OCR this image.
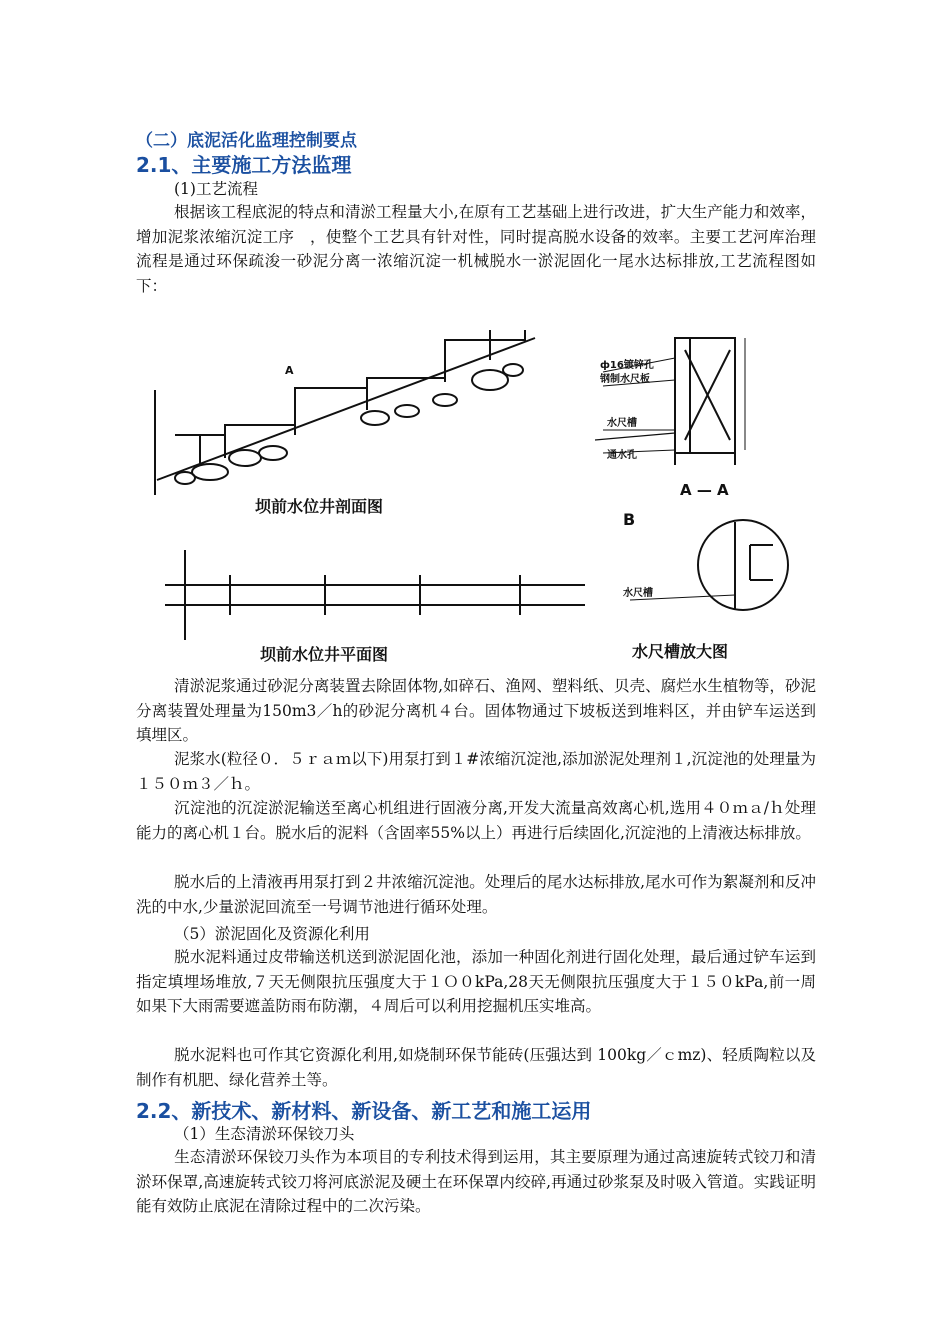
（二）底泥活化监理控制要点
2.1、主要施工方法监理
(1)工艺流程
根据该工程底泥的特点和清淤工程量大小,在原有工艺基础上进行改进，扩大生产能力和效率，增加泥浆浓缩沉淀工序　，使整个工艺具有针对性，同时提高脱水设备的效率。主要工艺河库治理流程是通过环保疏浚一砂泥分离一浓缩沉淀一机械脱水一淤泥固化一尾水达标排放,工艺流程图如下：
A	ф16镀锌孔
钢制水尺板
水尺槽
通水孔
B
水尺槽
坝前水位井剖面图
A — A
坝前水位井平面图	水尺槽放大图
清淤泥浆通过砂泥分离装置去除固体物,如碎石、渔网、塑料纸、贝壳、腐烂水生植物等，砂泥分离装置处理量为150m3／h的砂泥分离机４台。固体物通过下坡板送到堆料区，并由铲车运送到填埋区。
泥浆水(粒径０．５ｒａｍ以下)用泵打到１#浓缩沉淀池,添加淤泥处理剂１,沉淀池的处理量为１５０ｍ３／ｈ。
沉淀池的沉淀淤泥输送至离心机组进行固液分离,开发大流量高效离心机,选用４０ｍａ/ｈ处理能力的离心机１台。脱水后的泥料（含固率55%以上）再进行后续固化,沉淀池的上清液达标排放。
脱水后的上清液再用泵打到２井浓缩沉淀池。处理后的尾水达标排放,尾水可作为絮凝剂和反冲洗的中水,少量淤泥回流至一号调节池进行循环处理。
（5）淤泥固化及资源化利用
脱水泥料通过皮带输送机送到淤泥固化池，添加一种固化剂进行固化处理，最后通过铲车运到指定填埋场堆放,７天无侧限抗压强度大于１Ｏ０kPa,28天无侧限抗压强度大于１５０kPa,前一周如果下大雨需要遮盖防雨布防潮，４周后可以利用挖掘机压实堆高。
脱水泥料也可作其它资源化利用,如烧制环保节能砖(压强达到 100kg／ｃmz)、轻质陶粒以及制作有机肥、绿化营养土等。
2.2、新技术、新材料、新设备、新工艺和施工运用
（1）生态清淤环保铰刀头
生态清淤环保铰刀头作为本项目的专利技术得到运用，其主要原理为通过高速旋转式铰刀和清淤环保罩,高速旋转式铰刀将河底淤泥及硬土在环保罩内绞碎,再通过砂浆泵及时吸入管道。实践证明能有效防止底泥在清除过程中的二次污染。
